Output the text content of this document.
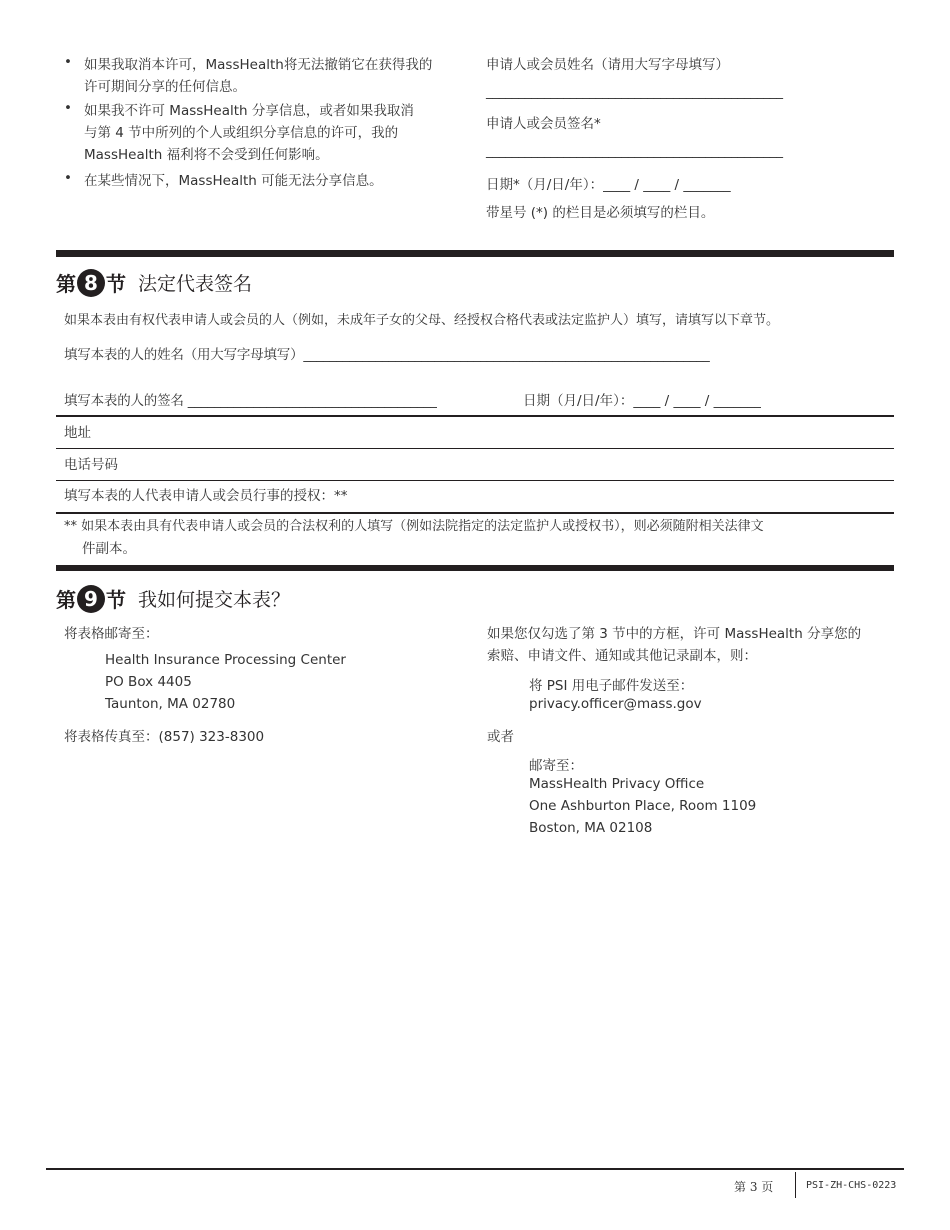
• 如果我取消本许可，MassHealth将无法撤销它在获得我的
许可期间分享的任何信息。
• 如果我不许可 MassHealth 分享信息，或者如果我取消
与第 4 节中所列的个人或组织分享信息的许可，我的
MassHealth 福利将不会受到任何影响。
• 在某些情况下，MassHealth 可能无法分享信息。
申请人或会员姓名（请用大写字母填写）
______________________________________________
申请人或会员签名*
______________________________________________
日期*（月/日/年）：____ / ____ / _______
带星号 (*) 的栏目是必须填写的栏目。
第 8 节 法定代表签名
如果本表由有权代表申请人或会员的人（例如，未成年子女的父母、经授权合格代表或法定监护人）填写，请填写以下章节。
填写本表的人的姓名（用大写字母填写）______________________________________________________________
填写本表的人的签名 ______________________________________	日期（月/日/年）：____ / ____ / _______
地址
电话号码
填写本表的人代表申请人或会员行事的授权：**
** 如果本表由具有代表申请人或会员的合法权利的人填写（例如法院指定的法定监护人或授权书），则必须随附相关法律文
件副本。
第 9 节 我如何提交本表？
将表格邮寄至：
Health Insurance Processing Center
PO Box 4405
Taunton, MA 02780
将表格传真至：(857) 323-8300
如果您仅勾选了第 3 节中的方框，许可 MassHealth 分享您的
索赔、申请文件、通知或其他记录副本，则：
将 PSI 用电子邮件发送至：
privacy.officer@mass.gov
或者
邮寄至：
MassHealth Privacy Office
One Ashburton Place, Room 1109
Boston, MA 02108
第 3 页	PSI-ZH-CHS-0223
